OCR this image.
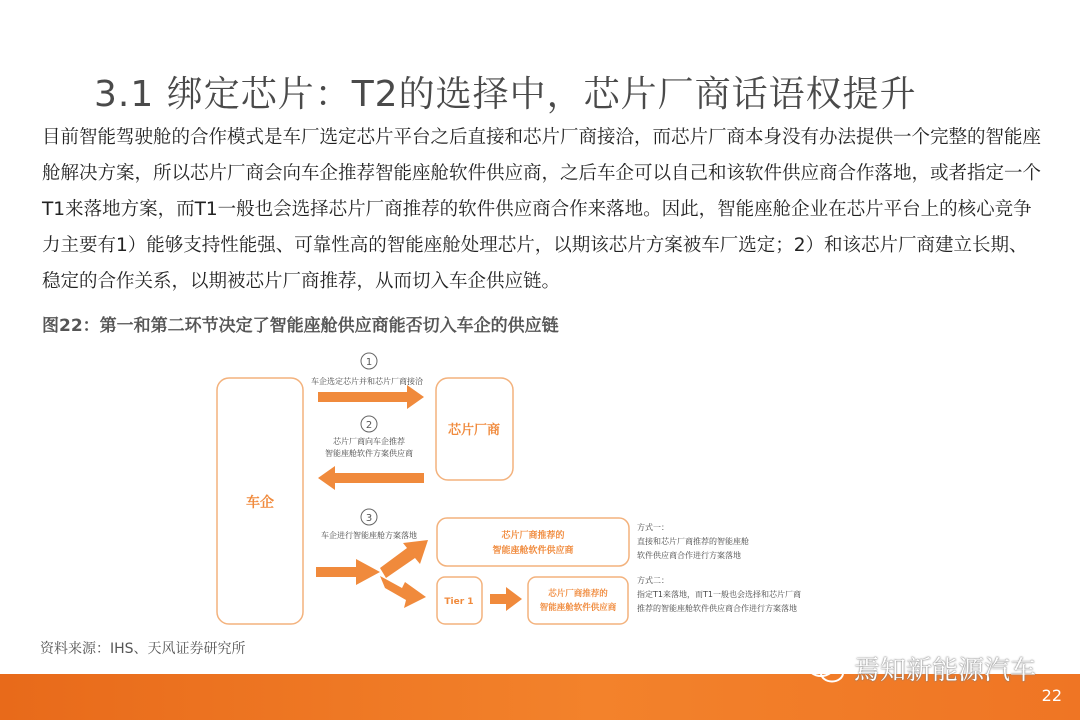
3.1 绑定芯片：T2的选择中，芯片厂商话语权提升

目前智能驾驶舱的合作模式是车厂选定芯片平台之后直接和芯片厂商接洽，而芯片厂商本身没有办法提供一个完整的智能座舱解决方案，所以芯片厂商会向车企推荐智能座舱软件供应商，之后车企可以自己和该软件供应商合作落地，或者指定一个T1来落地方案，而T1一般也会选择芯片厂商推荐的软件供应商合作来落地。因此，智能座舱企业在芯片平台上的核心竞争力主要有1）能够支持性能强、可靠性高的智能座舱处理芯片，以期该芯片方案被车厂选定；2）和该芯片厂商建立长期、稳定的合作关系，以期被芯片厂商推荐，从而切入车企供应链。

图22：第一和第二环节决定了智能座舱供应商能否切入车企的供应链
车企
芯片厂商
1
车企选定芯片并和芯片厂商接洽
2
芯片厂商向车企推荐
智能座舱软件方案供应商
3
车企进行智能座舱方案落地	芯片厂商推荐的
智能座舱软件供应商
Tier 1
芯片厂商推荐的
智能座舱软件供应商
方式一：
直接和芯片厂商推荐的智能座舱
软件供应商合作进行方案落地
方式二：
指定T1来落地，而T1一般也会选择和芯片厂商
推荐的智能座舱软件供应商合作进行方案落地
资料来源：IHS、天风证券研究所
焉知新能源汽车
22
